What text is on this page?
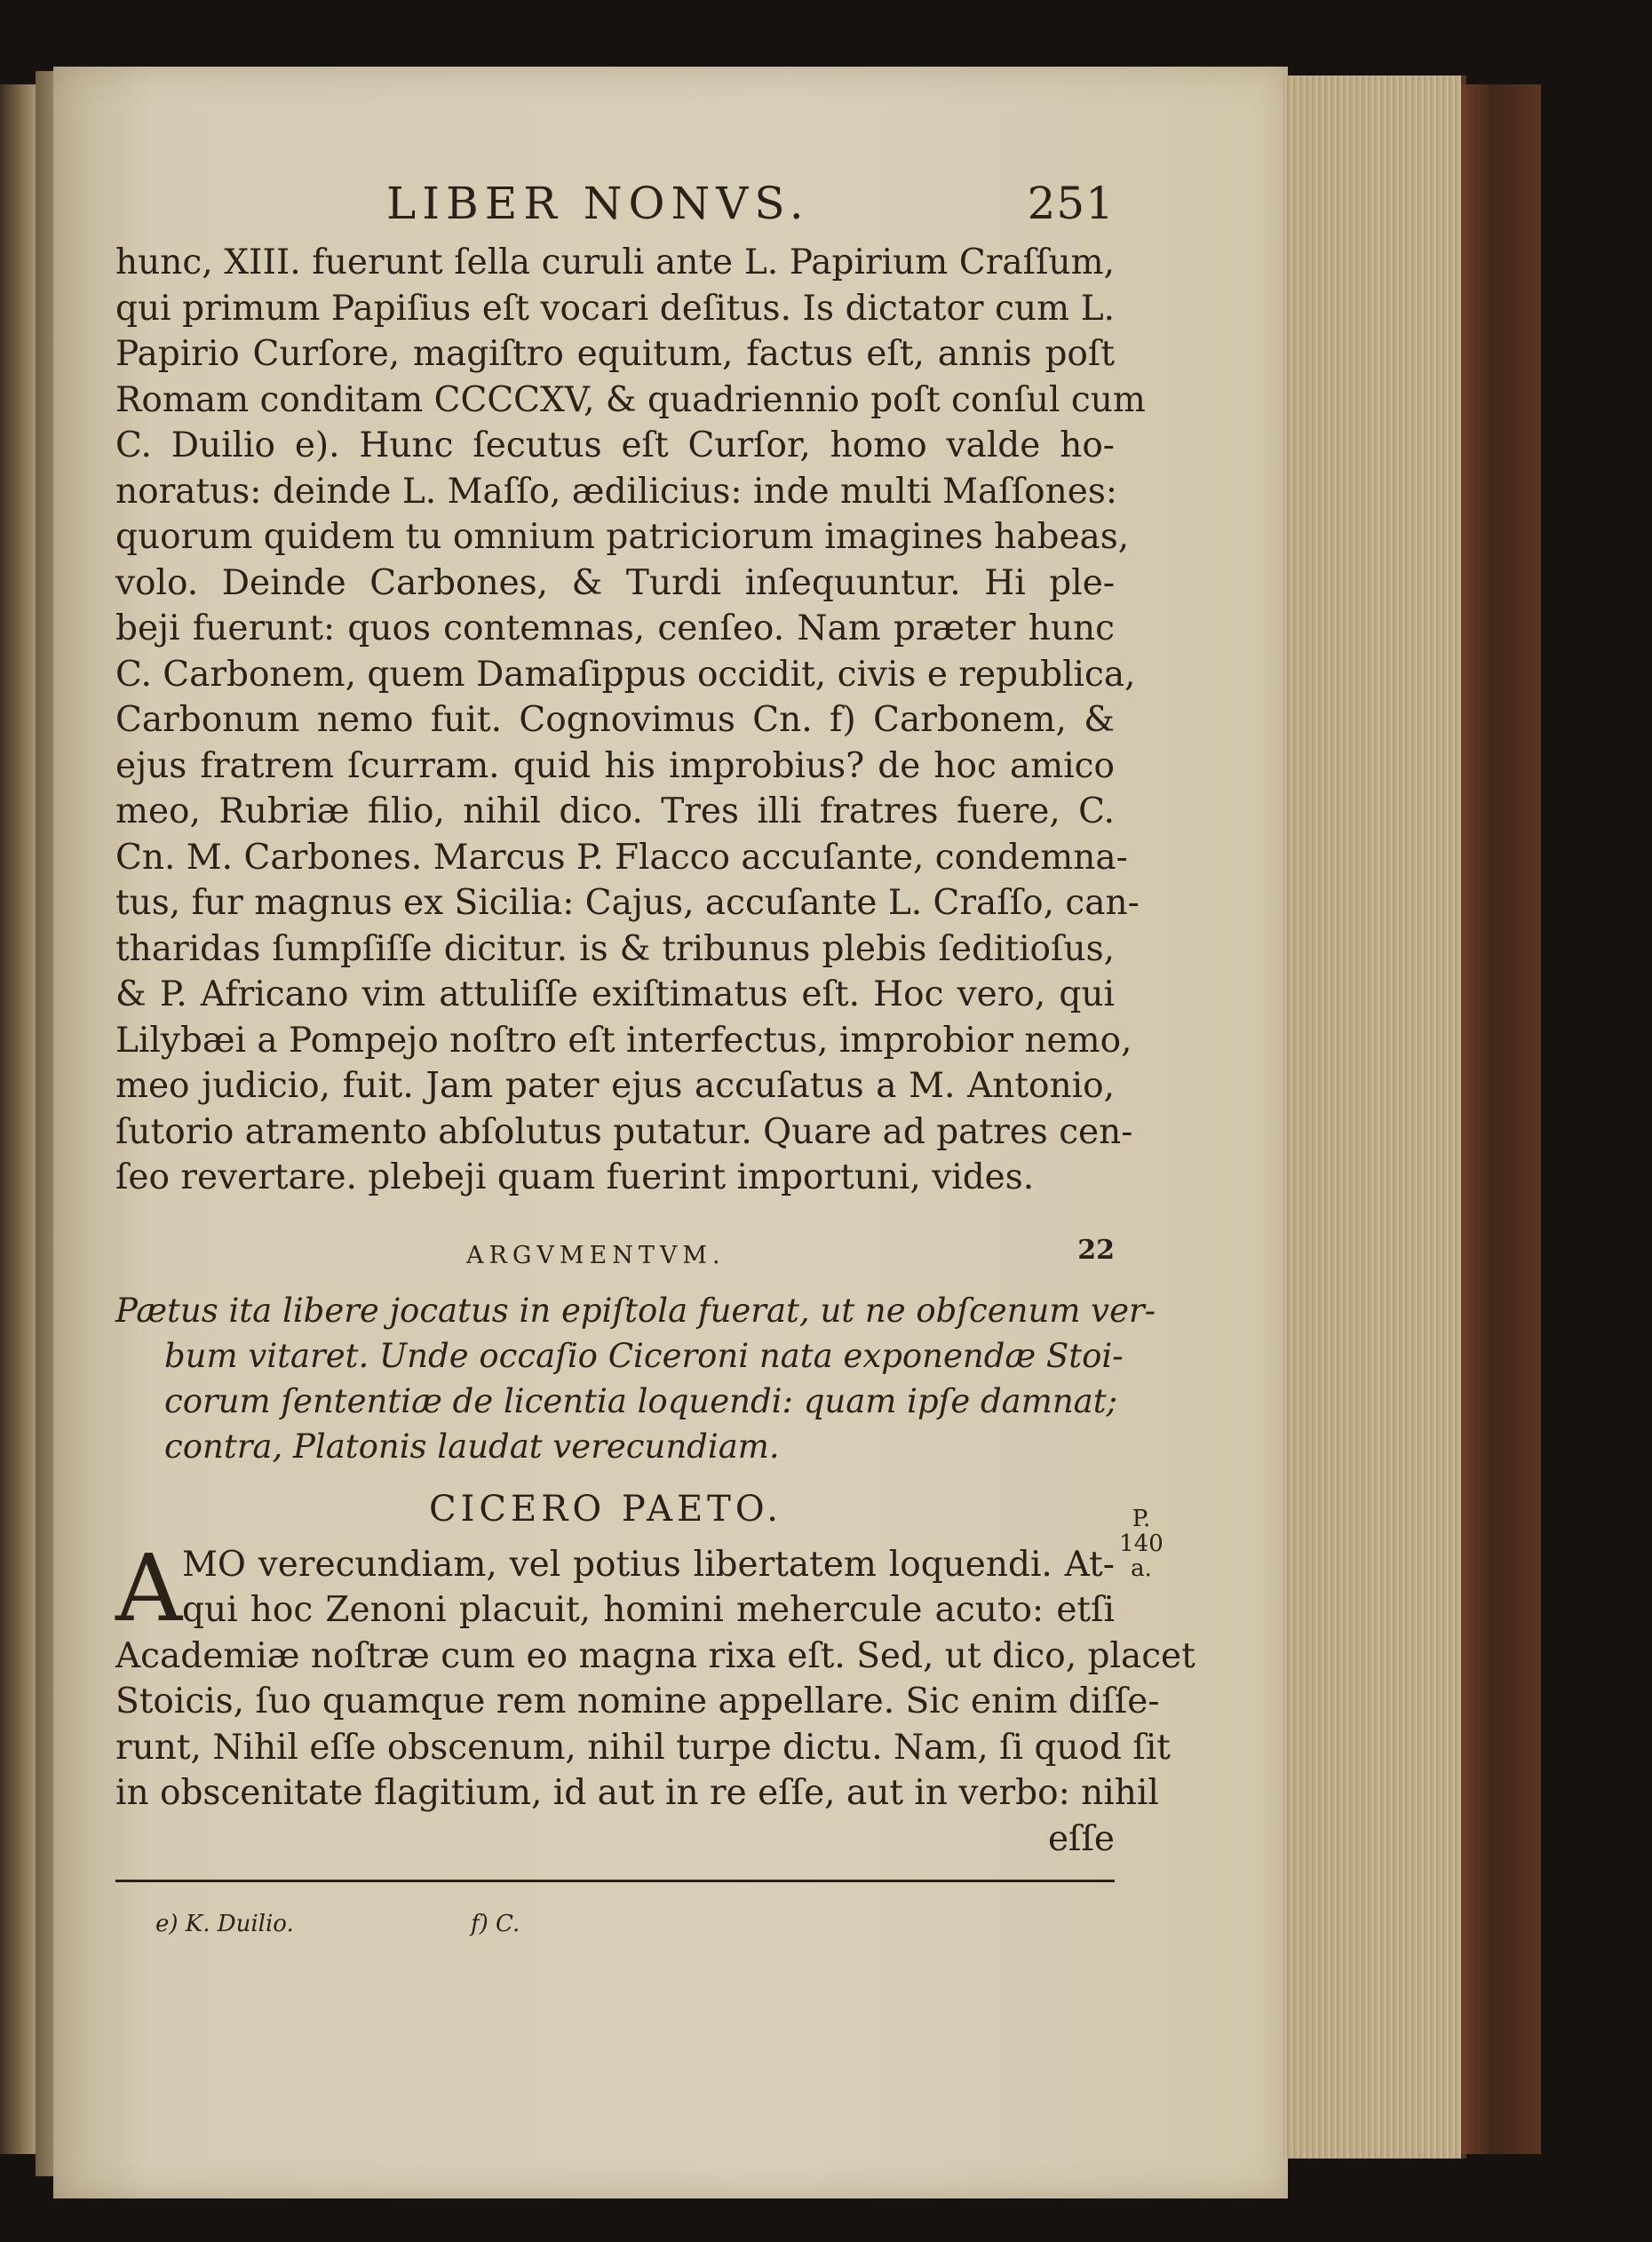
LIBER NONVS.	251
hunc, XIII. fuerunt ſella curuli ante L. Papirium Craſſum,
qui primum Papiſius eſt vocari deſitus. Is dictator cum L.
Papirio Curſore, magiſtro equitum, factus eſt, annis poſt
Romam conditam CCCCXV, & quadriennio poſt conſul cum
C. Duilio e). Hunc ſecutus eſt Curſor, homo valde ho-
noratus: deinde L. Maſſo, ædilicius: inde multi Maſſones:
quorum quidem tu omnium patriciorum imagines habeas,
volo. Deinde Carbones, & Turdi inſequuntur. Hi ple-
beji fuerunt: quos contemnas, cenſeo. Nam præter hunc
C. Carbonem, quem Damaſippus occidit, civis e republica,
Carbonum nemo fuit. Cognovimus Cn. f) Carbonem, &
ejus fratrem ſcurram. quid his improbius? de hoc amico
meo, Rubriæ filio, nihil dico. Tres illi fratres fuere, C.
Cn. M. Carbones. Marcus P. Flacco accuſante, condemna-
tus, fur magnus ex Sicilia: Cajus, accuſante L. Craſſo, can-
tharidas ſumpſiſſe dicitur. is & tribunus plebis ſeditioſus,
& P. Africano vim attuliſſe exiſtimatus eſt. Hoc vero, qui
Lilybæi a Pompejo noſtro eſt interfectus, improbior nemo,
meo judicio, fuit. Jam pater ejus accuſatus a M. Antonio,
ſutorio atramento abſolutus putatur. Quare ad patres cen-
ſeo revertare. plebeji quam fuerint importuni, vides.
ARGVMENTVM.	22
Pætus ita libere jocatus in epiſtola fuerat, ut ne obſcenum ver-
bum vitaret. Unde occaſio Ciceroni nata exponendæ Stoi-
corum ſententiæ de licentia loquendi: quam ipſe damnat;
contra, Platonis laudat verecundiam.
CICERO PAETO.	P.
140
a.
A MO verecundiam, vel potius libertatem loquendi. At-
qui hoc Zenoni placuit, homini mehercule acuto: etſi
Academiæ noſtræ cum eo magna rixa eſt. Sed, ut dico, placet
Stoicis, ſuo quamque rem nomine appellare. Sic enim diſſe-
runt, Nihil eſſe obscenum, nihil turpe dictu. Nam, ſi quod ſit
in obscenitate flagitium, id aut in re eſſe, aut in verbo: nihil
eſſe
e) K. Duilio.	f) C.
